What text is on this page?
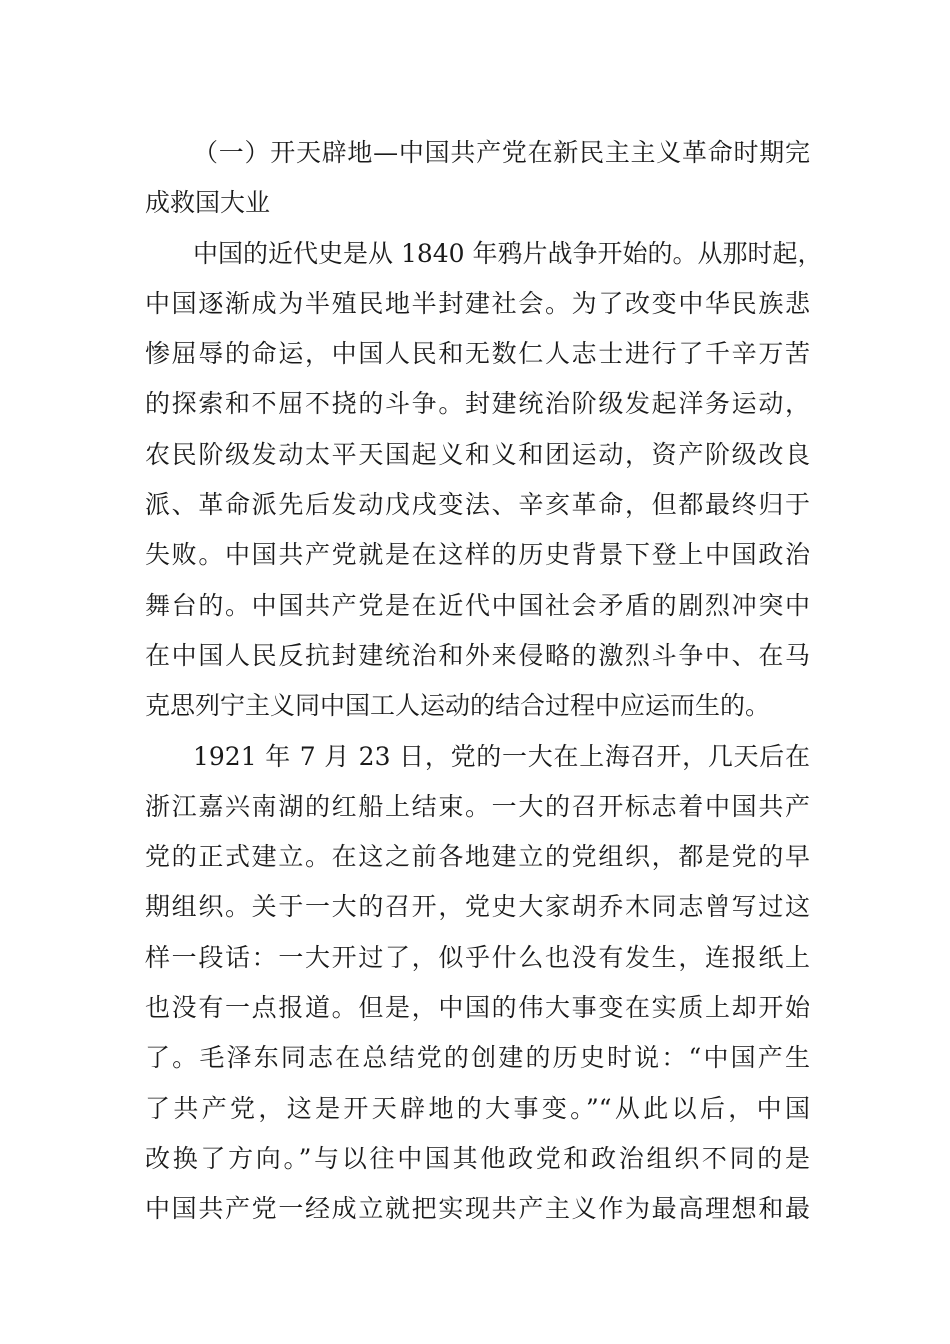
（一）开天辟地—中国共产党在新民主主义革命时期完
成救国大业
中国的近代史是从 1840 年鸦片战争开始的。从那时起，
中国逐渐成为半殖民地半封建社会。为了改变中华民族悲
惨屈辱的命运，中国人民和无数仁人志士进行了千辛万苦
的探索和不屈不挠的斗争。封建统治阶级发起洋务运动，
农民阶级发动太平天国起义和义和团运动，资产阶级改良
派、革命派先后发动戊戌变法、辛亥革命，但都最终归于
失败。中国共产党就是在这样的历史背景下登上中国政治
舞台的。中国共产党是在近代中国社会矛盾的剧烈冲突中
在中国人民反抗封建统治和外来侵略的激烈斗争中、在马
克思列宁主义同中国工人运动的结合过程中应运而生的。
1921 年 7 月 23 日，党的一大在上海召开，几天后在
浙江嘉兴南湖的红船上结束。一大的召开标志着中国共产
党的正式建立。在这之前各地建立的党组织，都是党的早
期组织。关于一大的召开，党史大家胡乔木同志曾写过这
样一段话：一大开过了，似乎什么也没有发生，连报纸上
也没有一点报道。但是，中国的伟大事变在实质上却开始
了。毛泽东同志在总结党的创建的历史时说：“中国产生
了共产党，这是开天辟地的大事变。”“从此以后，中国
改换了方向。”与以往中国其他政党和政治组织不同的是
中国共产党一经成立就把实现共产主义作为最高理想和最
